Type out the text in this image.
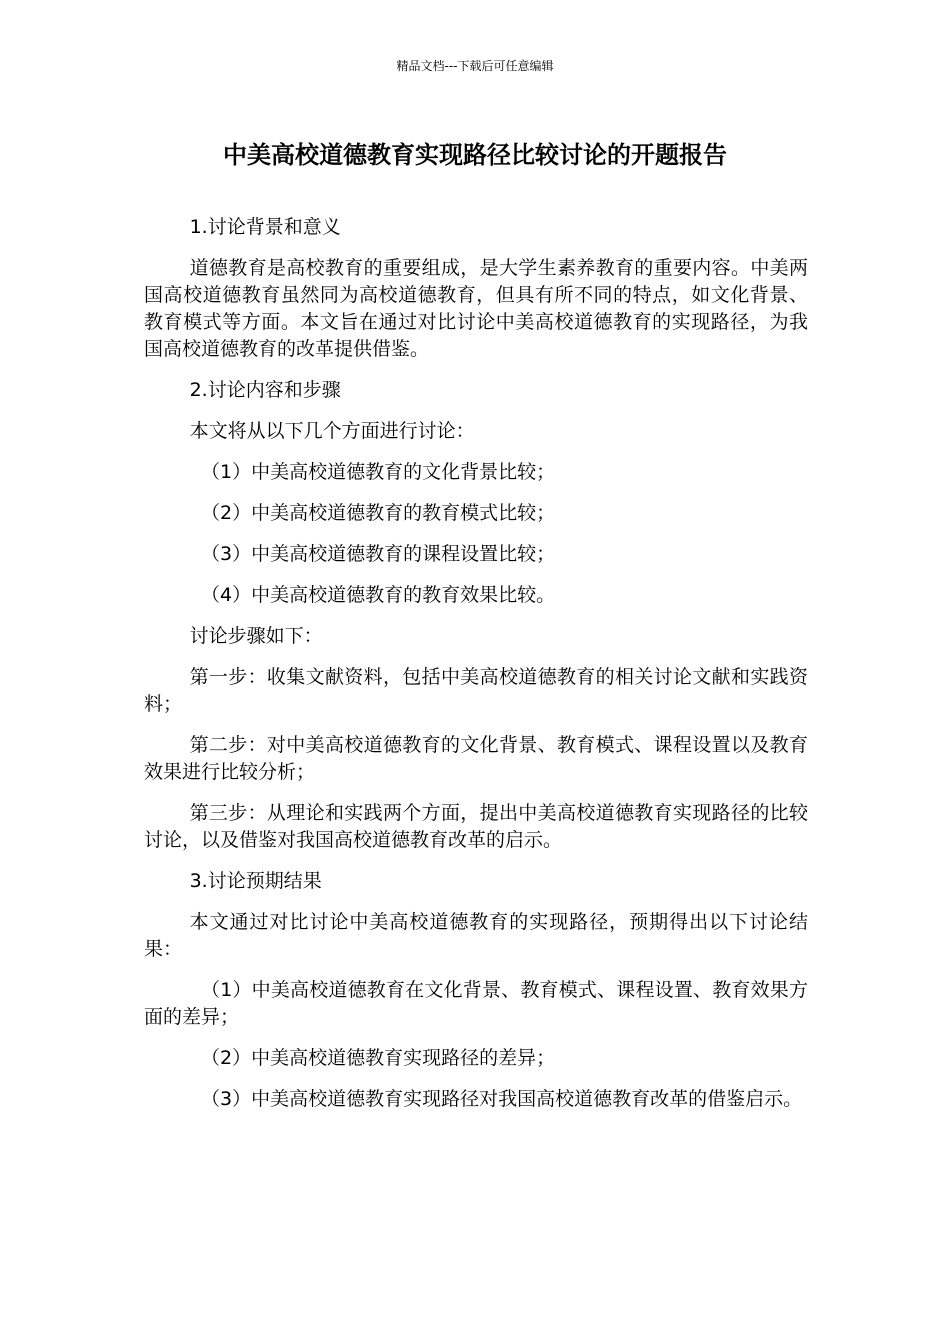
精品文档---下载后可任意编辑
中美高校道德教育实现路径比较讨论的开题报告

1.讨论背景和意义

道德教育是高校教育的重要组成，是大学生素养教育的重要内容。中美两国高校道德教育虽然同为高校道德教育，但具有所不同的特点，如文化背景、教育模式等方面。本文旨在通过对比讨论中美高校道德教育的实现路径，为我国高校道德教育的改革提供借鉴。

2.讨论内容和步骤

本文将从以下几个方面进行讨论：

（1）中美高校道德教育的文化背景比较；

（2）中美高校道德教育的教育模式比较；

（3）中美高校道德教育的课程设置比较；

（4）中美高校道德教育的教育效果比较。

讨论步骤如下：

第一步：收集文献资料，包括中美高校道德教育的相关讨论文献和实践资料；

第二步：对中美高校道德教育的文化背景、教育模式、课程设置以及教育效果进行比较分析；

第三步：从理论和实践两个方面，提出中美高校道德教育实现路径的比较讨论，以及借鉴对我国高校道德教育改革的启示。

3.讨论预期结果

本文通过对比讨论中美高校道德教育的实现路径，预期得出以下讨论结果：

（1）中美高校道德教育在文化背景、教育模式、课程设置、教育效果方面的差异；

（2）中美高校道德教育实现路径的差异；

（3）中美高校道德教育实现路径对我国高校道德教育改革的借鉴启示。
